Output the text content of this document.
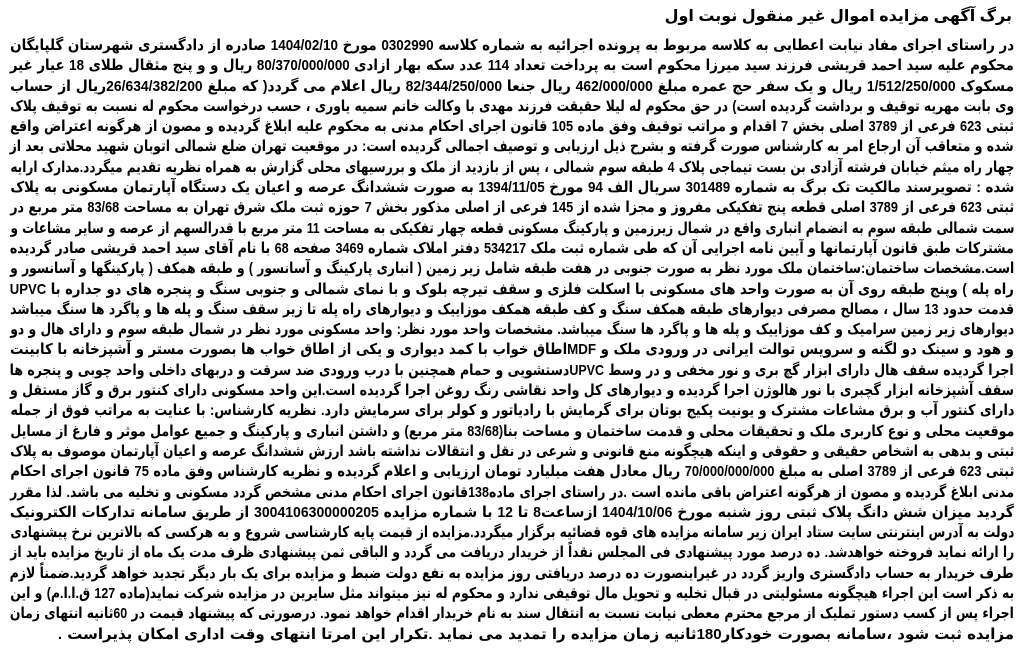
برگ آگهی مزایده اموال غیر منقول نوبت اول
در راستای اجرای مفاد نیابت اعطایی به کلاسه مربوط به پرونده اجرائیه به شماره کلاسه 0302990 مورخ 1404/02/10 صادره از دادگستری شهرستان گلپایگان
محکوم علیه سید احمد قریشی فرزند سید میرزا محکوم است به پرداخت تعداد 114 عدد سکه بهار ازادی 80/370/000/000 ریال و و پنج مثقال طلای 18 عیار غیر
مسکوک 1/512/250/000 ریال و یک سفر حج عمره مبلغ 462/000/000 ریال جنعا 82/344/250/000 ریال اعلام می گردد( که مبلغ 26/634/382/200ریال از حساب
وی بابت مهریه توقیف و برداشت گردیده است) در حق محکوم له لیلا حقیقت فرزند مهدی با وکالت خانم سمیه یاوری ، حسب درخواست محکوم له نسبت به توقیف پلاک
ثبتی 623 فرعی از 3789 اصلی بخش 7 اقدام و مراتب توقیف وفق ماده 105 قانون اجرای احکام مدنی به محکوم علیه ابلاغ گردیده و مصون از هرگونه اعتراض واقع
شده و متعاقب آن ارجاع امر به کارشناس صورت گرفته و بشرح ذیل ارزیابی و توصیف اجمالی گردیده است: در موقعیت تهران ضلع شمالی اتوبان شهید محلاتی بعد از
چهار راه میثم خیابان فرشته آزادی بن بست تیماجی پلاک 4 طبقه سوم شمالی ، پس از بازدید از ملک و بررسیهای محلی گزارش به همراه نظریه تقدیم میگردد.مدارک ارایه
شده : تصویرسند مالکیت تک برگ به شماره 301489 سریال الف 94 مورخ 1394/11/05 به صورت ششدانگ عرصه و اعیان یک دستگاه آپارتمان مسکونی به پلاک
ثبتی 623 فرعی از 3789 اصلی قطعه پنج تفکیکی مفروز و مجزا شده از 145 فرعی از اصلی مذکور بخش 7 حوزه ثبت ملک شرق تهران به مساحت 83/68 متر مربع در
سمت شمالی طبقه سوم به انضمام انباری واقع در شمال زیرزمین و پارکینگ مسکونی قطعه چهار تفکیکی به مساحت 11 متر مربع با قدرالسهم از عرصه و سایر مشاعات و
مشترکات طبق قانون آپارتمانها و آیین نامه اجرایی آن که طی شماره ثبت ملک 534217 دفتر املاک شماره 3469 صفحه 68 با نام آقای سید احمد قریشی صادر گردیده
است.مشخصات ساختمان:ساختمان ملک مورد نظر به صورت جنوبی در هفت طبقه شامل زیر زمین ( انباری پارکینگ و آسانسور ) و طبقه همکف ( پارکینگها و آسانسور و
راه پله ) وپنج طبقه روی آن به صورت واحد های مسکونی با اسکلت فلزی و سقف تیرچه بلوک و با نمای شمالی و جنوبی سنگ و پنجره های دو جداره با UPVC
قدمت حدود 13 سال ، مصالح مصرفی دیوارهای طبقه همکف سنگ و کف طبقه همکف موزاییک و دیوارهای راه پله تا زیر سقف سنگ و پله ها و پاگرد ها سنگ میباشد
دیوارهای زیر زمین سرامیک و کف موزاییک و پله ها و پاگرد ها سنگ میباشد. مشخصات واحد مورد نظر: واحد مسکونی مورد نظر در شمال طبقه سوم و دارای هال و دو
و هود و سینک دو لگنه و سرویس توالت ایرانی در ورودی ملک و MDFاطاق خواب با کمد دیواری و یکی از اطاق خواب ها بصورت مستر و آشپزخانه با کابینت
اجرا گردیده سقف هال دارای ابزار گچ بری و نور مخفی و در وسط UPVCدستشویی و حمام همچنین با درب ورودی ضد سرقت و دربهای داخلی واحد چوبی و پنجره ها
سقف آشپزخانه ابزار گچبری با نور هالوژن اجرا گردیده و دیوارهای کل واحد نقاشی رنگ روغن اجرا گردیده است.این واحد مسکونی دارای کنتور برق و گاز مستقل و
دارای کنتور آب و برق مشاعات مشترک و یونیت پکیج بوتان برای گرمایش با رادیاتور و کولر برای سرمایش دارد. نظریه کارشناس: با عنایت به مراتب فوق از جمله
موقعیت محلی و نوع کاربری ملک و تحقیقات محلی و قدمت ساختمان و مساحت بنا(83/68 متر مربع) و داشتن انباری و پارکینگ و جمیع عوامل موثر و فارغ از مسایل
ثبتی و بدهی به اشخاص حقیقی و حقوقی و اینکه هیچگونه منع قانونی و شرعی در نقل و انتقالات نداشته باشد ارزش ششدانگ عرصه و اعیان آپارتمان موصوف به پلاک
ثبتی 623 فرعی از 3789 اصلی به مبلغ 70/000/000/000 ریال معادل هفت میلیارد تومان ارزیابی و اعلام گردیده و نظریه کارشناس وفق ماده 75 قانون اجرای احکام
مدنی ابلاغ گردیده و مصون از هرگونه اعتراض باقی مانده است .در راستای اجرای ماده138قانون اجرای احکام مدنی مشخص گردد مسکونی و تخلیه می باشد. لذا مقرر
گردید میزان شش دانگ پلاک ثبتی روز شنبه مورخ 1404/10/06 ازساعت8 تا 12 با شماره مزایده 3004106300000205 از طریق سامانه تدارکات الکترونیک
دولت به آدرس اینترنتی سایت ستاد ایران زیر سامانه مزایده های قوه قضائیه برگزار میگردد.مزایده از قیمت پایه کارشناسی شروع و به هرکسی که بالاترین نرخ پیشنهادی
را ارائه نماید فروخته خواهدشد. ده درصد مورد پیشنهادی فی المجلس نقداً از خریدار دریافت می گردد و الباقی ثمن پیشنهادی ظرف مدت یک ماه از تاریخ مزایده باید از
طرف خریدار به حساب دادگستری واریز گردد در غیراینصورت ده درصد دریافتی روز مزایده به نفع دولت ضبط و مزایده برای یک بار دیگر تجدید خواهد گردید.ضمناً لازم
به ذکر است این اجراء هیچگونه مسئولیتی در قبال تخلیه و تحویل مال توقیفی ندارد و محکوم له نیز میتواند مثل سایرین در مزایده شرکت نماید(ماده 127 ق.ا.ا.م) و این
اجراء پس از کسب دستور تملیک از مرجع محترم معطی نیابت نسبت به انتقال سند به نام خریدار اقدام خواهد نمود. درصورتی که پیشنهاد قیمت در 60ثانیه انتهای زمان
مزایده ثبت شود ،سامانه بصورت خودکار180ثانیه زمان مزایده را تمدید می نماید .تکرار این امرتا انتهای وقت اداری امکان پذیراست .
